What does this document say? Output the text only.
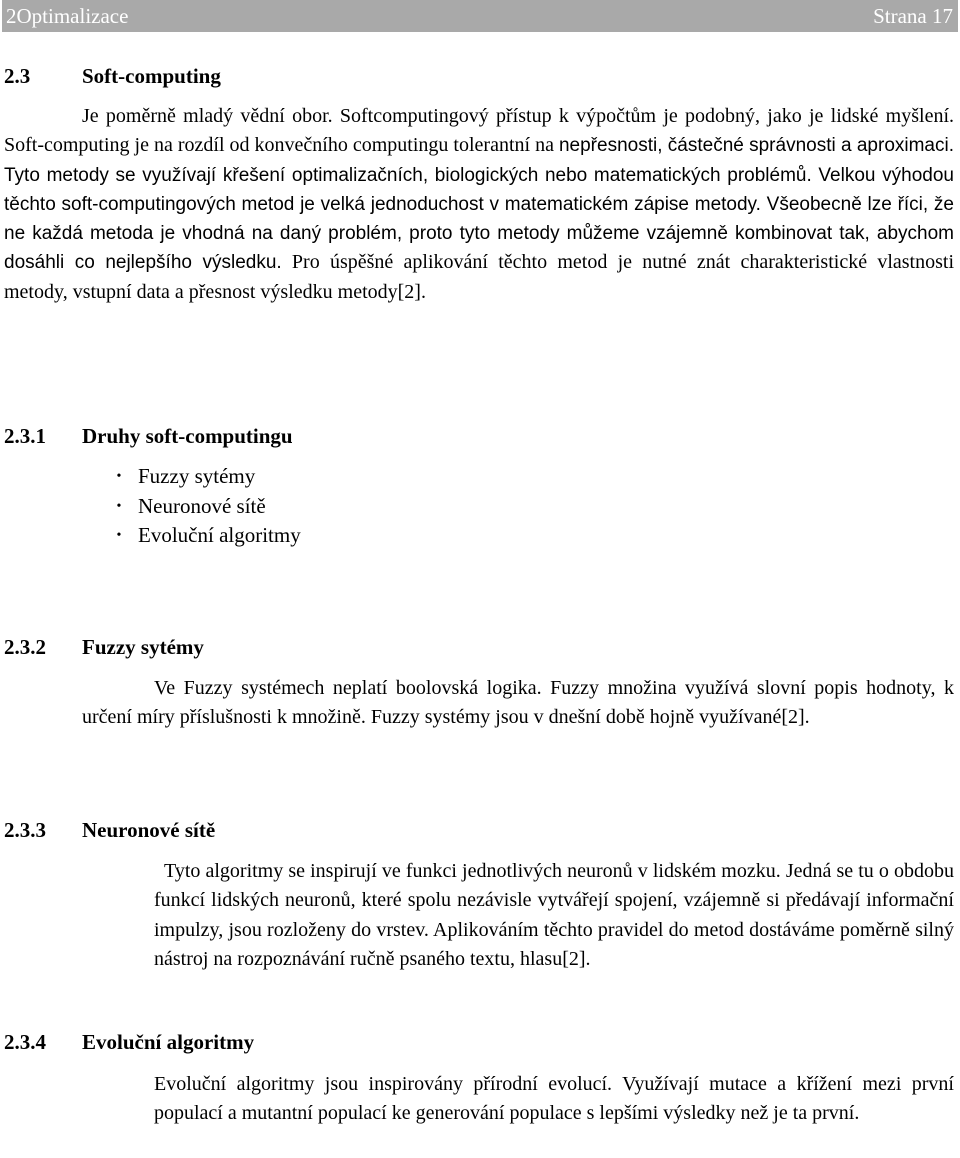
2Optimalizace	Strana 17
2.3 Soft-computing

Je poměrně mladý vědní obor. Softcomputingový přístup k výpočtům je podobný, jako je lidské myšlení. Soft-computing je na rozdíl od konvečního computingu tolerantní na nepřesnosti, částečné správnosti a aproximaci. Tyto metody se využívají křešení optimalizačních, biologických nebo matematických problémů. Velkou výhodou těchto soft-computingových metod je velká jednoduchost v matematickém zápise metody. Všeobecně lze říci, že ne každá metoda je vhodná na daný problém, proto tyto metody můžeme vzájemně kombinovat tak, abychom dosáhli co nejlepšího výsledku. Pro úspěšné aplikování těchto metod je nutné znát charakteristické vlastnosti metody, vstupní data a přesnost výsledku metody[2].

2.3.1 Druhy soft-computingu
• Fuzzy sytémy
• Neuronové sítě
• Evoluční algoritmy
2.3.2 Fuzzy sytémy

Ve Fuzzy systémech neplatí boolovská logika. Fuzzy množina využívá slovní popis hodnoty, k určení míry příslušnosti k množině. Fuzzy systémy jsou v dnešní době hojně využívané[2].

2.3.3 Neuronové sítě

Tyto algoritmy se inspirují ve funkci jednotlivých neuronů v lidském mozku. Jedná se tu o obdobu funkcí lidských neuronů, které spolu nezávisle vytvářejí spojení, vzájemně si předávají informační impulzy, jsou rozloženy do vrstev. Aplikováním těchto pravidel do metod dostáváme poměrně silný nástroj na rozpoznávání ručně psaného textu, hlasu[2].

2.3.4 Evoluční algoritmy

Evoluční algoritmy jsou inspirovány přírodní evolucí. Využívají mutace a křížení mezi první populací a mutantní populací ke generování populace s lepšími výsledky než je ta první.
